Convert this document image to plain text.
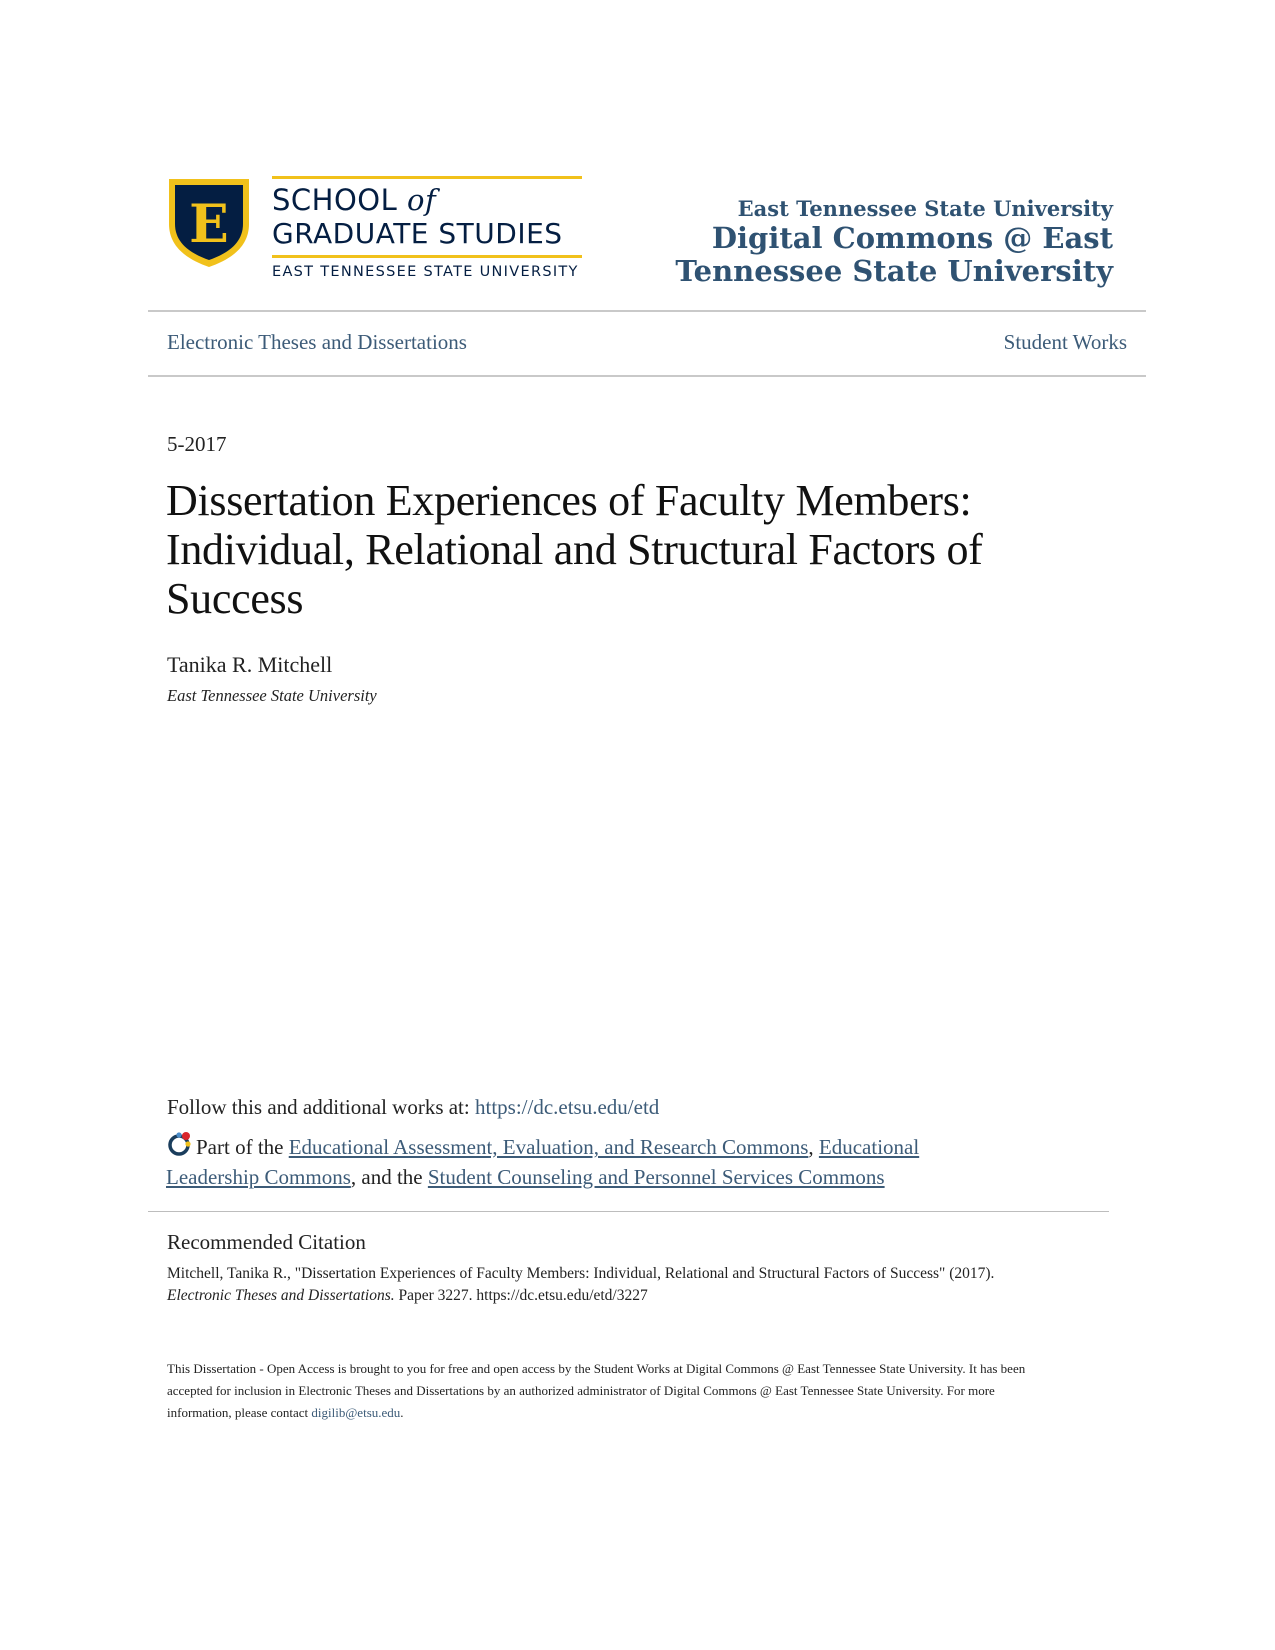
E SCHOOL of
GRADUATE STUDIES
EAST TENNESSEE STATE UNIVERSITY
East Tennessee State University
Digital Commons @ East
Tennessee State University
Electronic Theses and Dissertations	Student Works
5-2017
Dissertation Experiences of Faculty Members: Individual, Relational and Structural Factors of Success
Tanika R. Mitchell
East Tennessee State University
Follow this and additional works at: https://dc.etsu.edu/etd
Part of the Educational Assessment, Evaluation, and Research Commons, Educational Leadership Commons, and the Student Counseling and Personnel Services Commons
Recommended Citation
Mitchell, Tanika R., "Dissertation Experiences of Faculty Members: Individual, Relational and Structural Factors of Success" (2017).
Electronic Theses and Dissertations. Paper 3227. https://dc.etsu.edu/etd/3227
This Dissertation - Open Access is brought to you for free and open access by the Student Works at Digital Commons @ East Tennessee State University. It has been accepted for inclusion in Electronic Theses and Dissertations by an authorized administrator of Digital Commons @ East Tennessee State University. For more information, please contact digilib@etsu.edu.
